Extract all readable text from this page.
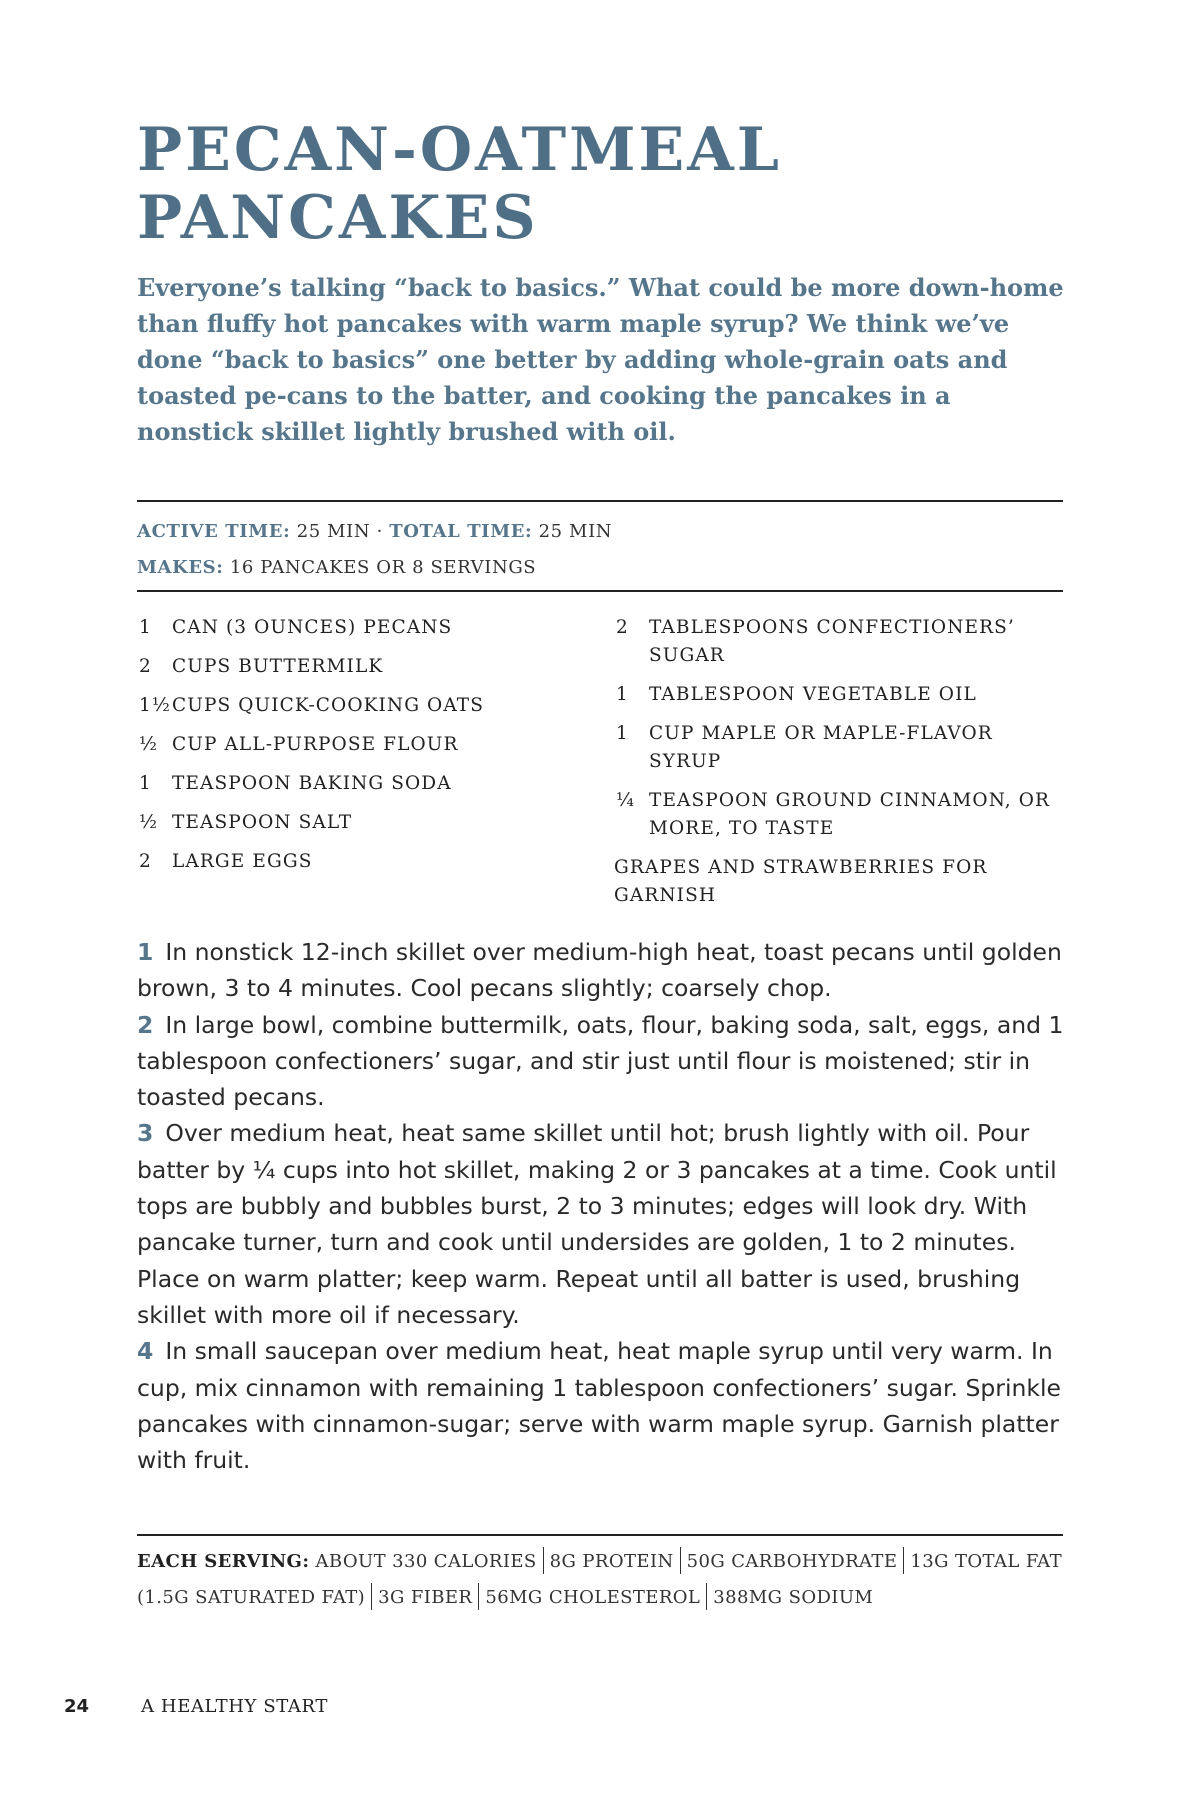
PECAN-OATMEAL
PANCAKES

Everyone’s talking “back to basics.” What could be more down-home than fluffy hot pancakes with warm maple syrup? We think we’ve done “back to basics” one better by adding whole-grain oats and toasted pe-cans to the batter, and cooking the pancakes in a nonstick skillet lightly brushed with oil.

ACTIVE TIME: 25 MIN · TOTAL TIME: 25 MIN
MAKES: 16 PANCAKES OR 8 SERVINGS
1 CAN (3 OUNCES) PECANS
2 CUPS BUTTERMILK
1½ CUPS QUICK-COOKING OATS
½ CUP ALL-PURPOSE FLOUR
1 TEASPOON BAKING SODA
½ TEASPOON SALT
2 LARGE EGGS
2 TABLESPOONS CONFECTIONERS’ SUGAR
1 TABLESPOON VEGETABLE OIL
1 CUP MAPLE OR MAPLE-FLAVOR SYRUP
¼ TEASPOON GROUND CINNAMON, OR MORE, TO TASTE
GRAPES AND STRAWBERRIES FOR GARNISH

1 In nonstick 12-inch skillet over medium-high heat, toast pecans until golden brown, 3 to 4 minutes. Cool pecans slightly; coarsely chop.

2 In large bowl, combine buttermilk, oats, flour, baking soda, salt, eggs, and 1 tablespoon confectioners’ sugar, and stir just until flour is moistened; stir in toasted pecans.

3 Over medium heat, heat same skillet until hot; brush lightly with oil. Pour batter by ¼ cups into hot skillet, making 2 or 3 pancakes at a time. Cook until tops are bubbly and bubbles burst, 2 to 3 minutes; edges will look dry. With pancake turner, turn and cook until undersides are golden, 1 to 2 minutes. Place on warm platter; keep warm. Repeat until all batter is used, brushing skillet with more oil if necessary.

4 In small saucepan over medium heat, heat maple syrup until very warm. In cup, mix cinnamon with remaining 1 tablespoon confectioners’ sugar. Sprinkle pancakes with cinnamon-sugar; serve with warm maple syrup. Garnish platter with fruit.

EACH SERVING: ABOUT 330 CALORIES 8G PROTEIN 50G CARBOHYDRATE 13G TOTAL FAT
(1.5G SATURATED FAT) 3G FIBER 56MG CHOLESTEROL 388MG SODIUM
24	A HEALTHY START
